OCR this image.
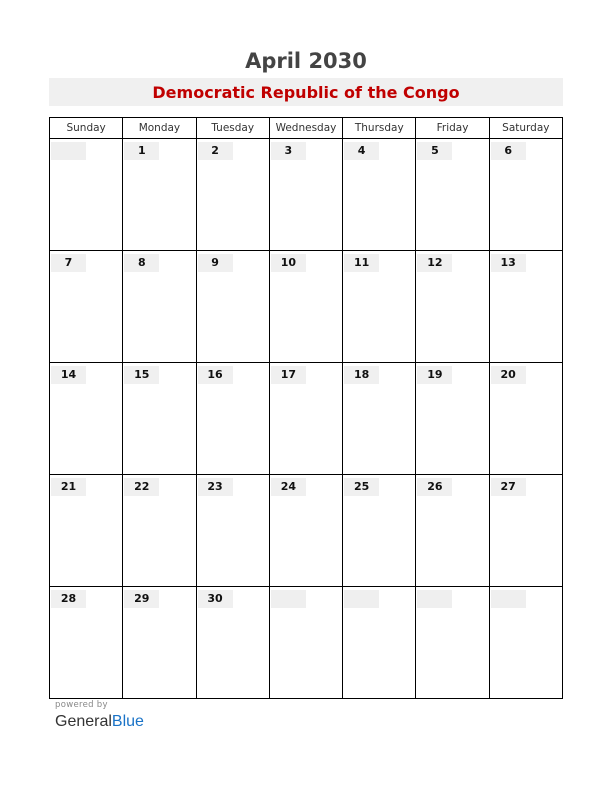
April 2030
Democratic Republic of the Congo
Sunday	Monday	Tuesday	Wednesday	Thursday	Friday	Saturday

	1	2	3	4	5	6

7	8	9	10	11	12	13

14	15	16	17	18	19	20

21	22	23	24	25	26	27

28	29	30				

powered by
GeneralBlue
